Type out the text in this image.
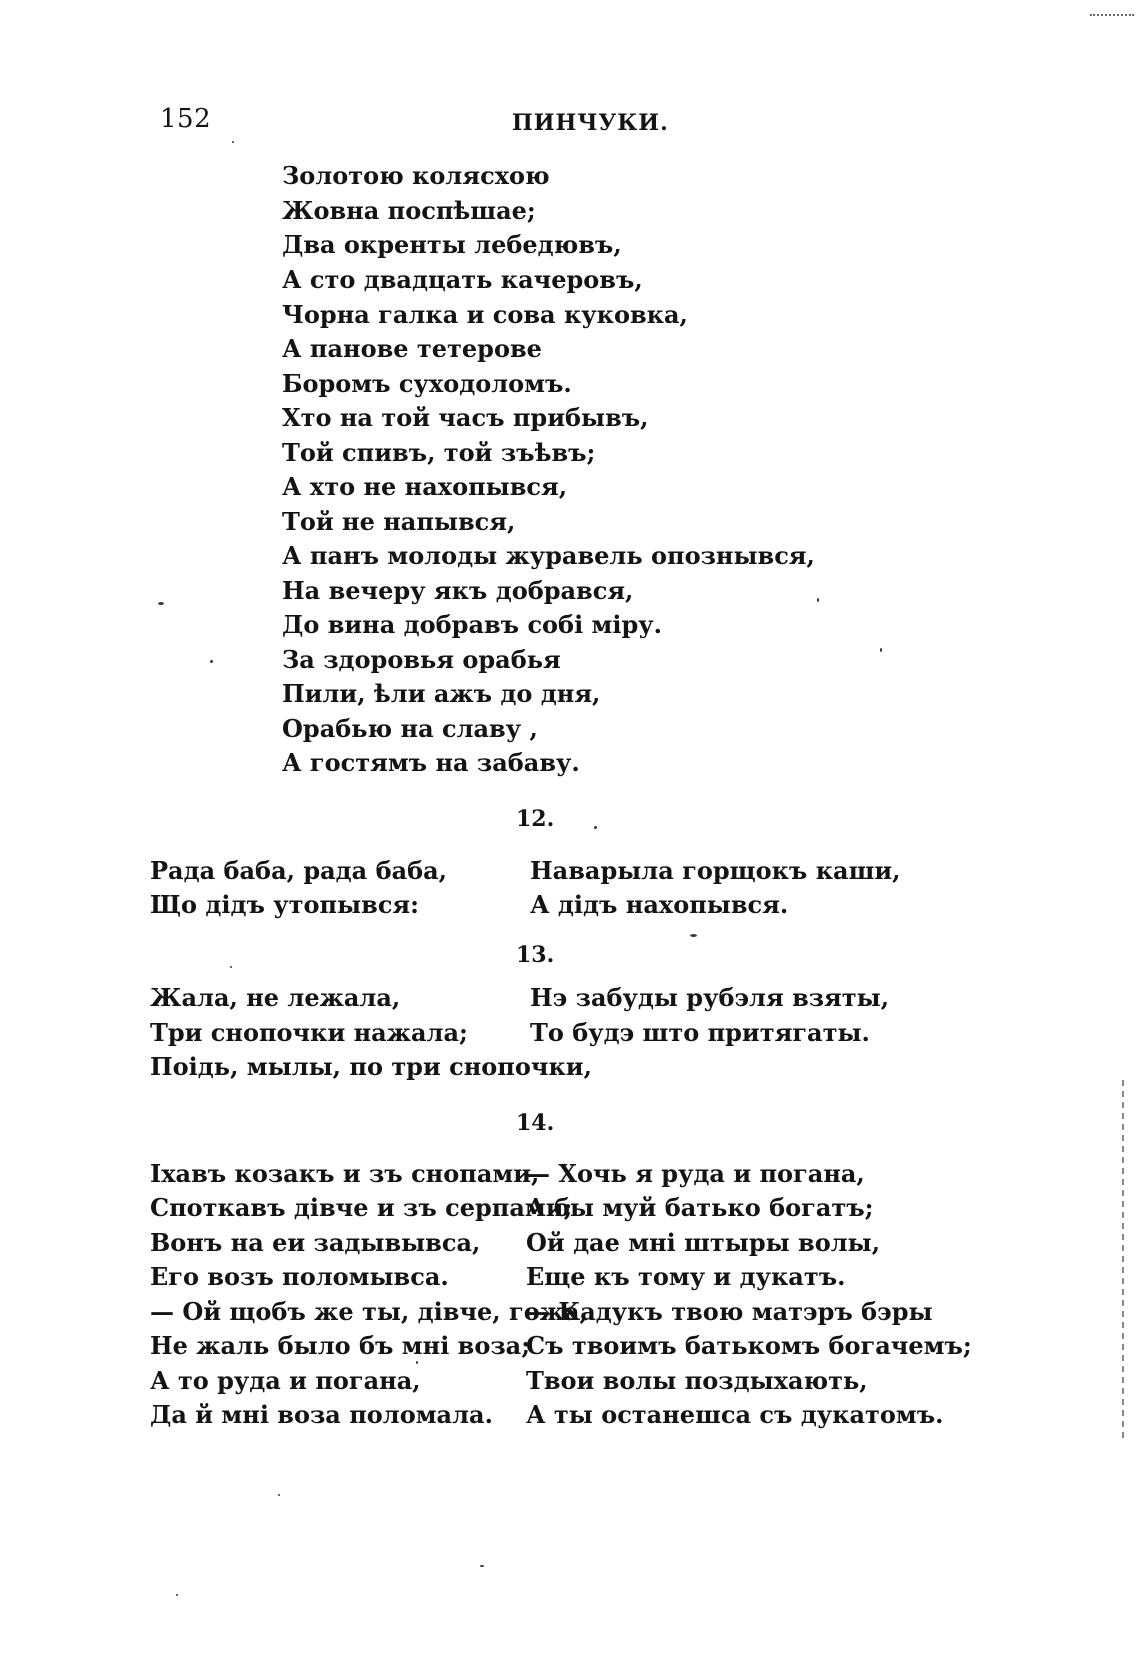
152	ПИНЧУКИ.
Золотою колясхою
Жовна поспѣшае;
Два окренты лебедювъ,
А сто двадцать качеровъ,
Чорна галка и сова куковка,
А панове тетерове
Боромъ суходоломъ.
Хто на той часъ прибывъ,
Той спивъ, той зъѣвъ;
А хто не нахопывся,
Той не напывся,
А панъ молоды журавель опознывся,
На вечеру якъ добрався,
До вина добравъ собі міру.
За здоровья орабья
Пили, ѣли ажъ до дня,
Орабью на славу ,
А гостямъ на забаву.
12.
Рада баба, рада баба,
Що дідъ утопывся:
Наварыла горщокъ каши,
А дідъ нахопывся.
13.
Жала, не лежала,
Три снопочки нажала;
Поідь, мылы, по три снопочки,
Нэ забуды рубэля взяты,
То будэ што притягаты.
14.
Іхавъ козакъ и зъ снопами,
Споткавъ дівче и зъ серпами;
Вонъ на еи задывывса,
Его возъ поломывса.
— Ой щобъ же ты, дівче, гожа,
Не жаль было бъ мні воза;
А то руда и погана,
Да й мні воза поломала.
— Хочь я руда и погана,
А бы муй батько богатъ;
Ой дае мні штыры волы,
Еще къ тому и дукатъ.
— Кадукъ твою матэръ бэры
Съ твоимъ батькомъ богачемъ;
Твои волы поздыхають,
А ты останешса съ дукатомъ.
